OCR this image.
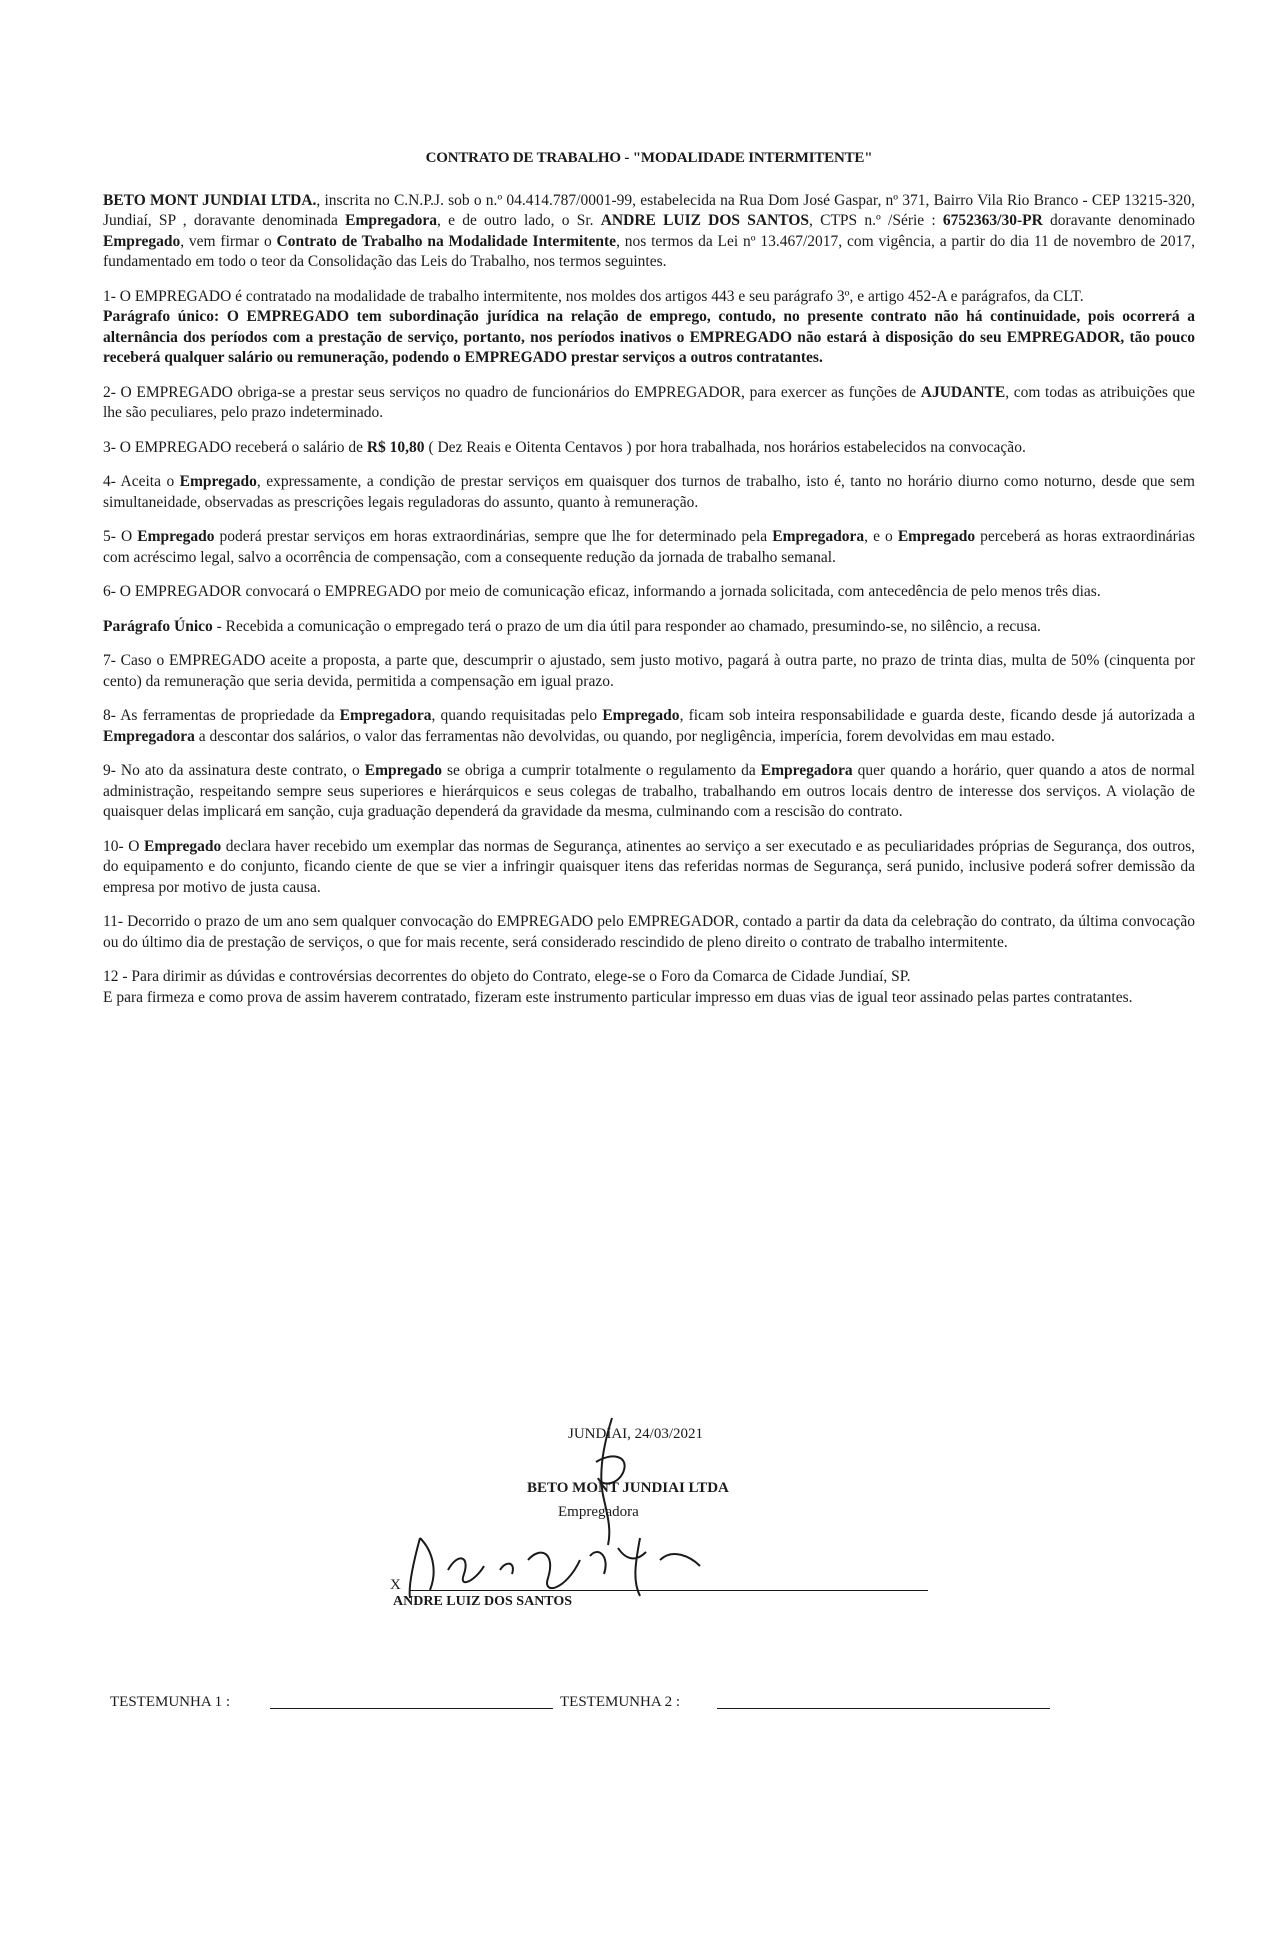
CONTRATO DE TRABALHO - "MODALIDADE INTERMITENTE"

BETO MONT JUNDIAI LTDA., inscrita no C.N.P.J. sob o n.º 04.414.787/0001-99, estabelecida na Rua Dom José Gaspar, nº 371, Bairro Vila Rio Branco - CEP 13215-320, Jundiaí, SP , doravante denominada Empregadora, e de outro lado, o Sr. ANDRE LUIZ DOS SANTOS, CTPS n.º /Série : 6752363/30-PR doravante denominado Empregado, vem firmar o Contrato de Trabalho na Modalidade Intermitente, nos termos da Lei nº 13.467/2017, com vigência, a partir do dia 11 de novembro de 2017, fundamentado em todo o teor da Consolidação das Leis do Trabalho, nos termos seguintes.

1- O EMPREGADO é contratado na modalidade de trabalho intermitente, nos moldes dos artigos 443 e seu parágrafo 3º, e artigo 452-A e parágrafos, da CLT.

Parágrafo único: O EMPREGADO tem subordinação jurídica na relação de emprego, contudo, no presente contrato não há continuidade, pois ocorrerá a alternância dos períodos com a prestação de serviço, portanto, nos períodos inativos o EMPREGADO não estará à disposição do seu EMPREGADOR, tão pouco receberá qualquer salário ou remuneração, podendo o EMPREGADO prestar serviços a outros contratantes.

2- O EMPREGADO obriga-se a prestar seus serviços no quadro de funcionários do EMPREGADOR, para exercer as funções de AJUDANTE, com todas as atribuições que lhe são peculiares, pelo prazo indeterminado.

3- O EMPREGADO receberá o salário de R$ 10,80 ( Dez Reais e Oitenta Centavos ) por hora trabalhada, nos horários estabelecidos na convocação.

4- Aceita o Empregado, expressamente, a condição de prestar serviços em quaisquer dos turnos de trabalho, isto é, tanto no horário diurno como noturno, desde que sem simultaneidade, observadas as prescrições legais reguladoras do assunto, quanto à remuneração.

5- O Empregado poderá prestar serviços em horas extraordinárias, sempre que lhe for determinado pela Empregadora, e o Empregado perceberá as horas extraordinárias com acréscimo legal, salvo a ocorrência de compensação, com a consequente redução da jornada de trabalho semanal.

6- O EMPREGADOR convocará o EMPREGADO por meio de comunicação eficaz, informando a jornada solicitada, com antecedência de pelo menos três dias.

Parágrafo Único - Recebida a comunicação o empregado terá o prazo de um dia útil para responder ao chamado, presumindo-se, no silêncio, a recusa.

7- Caso o EMPREGADO aceite a proposta, a parte que, descumprir o ajustado, sem justo motivo, pagará à outra parte, no prazo de trinta dias, multa de 50% (cinquenta por cento) da remuneração que seria devida, permitida a compensação em igual prazo.

8- As ferramentas de propriedade da Empregadora, quando requisitadas pelo Empregado, ficam sob inteira responsabilidade e guarda deste, ficando desde já autorizada a Empregadora a descontar dos salários, o valor das ferramentas não devolvidas, ou quando, por negligência, imperícia, forem devolvidas em mau estado.

9- No ato da assinatura deste contrato, o Empregado se obriga a cumprir totalmente o regulamento da Empregadora quer quando a horário, quer quando a atos de normal administração, respeitando sempre seus superiores e hierárquicos e seus colegas de trabalho, trabalhando em outros locais dentro de interesse dos serviços. A violação de quaisquer delas implicará em sanção, cuja graduação dependerá da gravidade da mesma, culminando com a rescisão do contrato.

10- O Empregado declara haver recebido um exemplar das normas de Segurança, atinentes ao serviço a ser executado e as peculiaridades próprias de Segurança, dos outros, do equipamento e do conjunto, ficando ciente de que se vier a infringir quaisquer itens das referidas normas de Segurança, será punido, inclusive poderá sofrer demissão da empresa por motivo de justa causa.

11- Decorrido o prazo de um ano sem qualquer convocação do EMPREGADO pelo EMPREGADOR, contado a partir da data da celebração do contrato, da última convocação ou do último dia de prestação de serviços, o que for mais recente, será considerado rescindido de pleno direito o contrato de trabalho intermitente.

12 - Para dirimir as dúvidas e controvérsias decorrentes do objeto do Contrato, elege-se o Foro da Comarca de Cidade Jundiaí, SP.

E para firmeza e como prova de assim haverem contratado, fizeram este instrumento particular impresso em duas vias de igual teor assinado pelas partes contratantes.

JUNDIAI, 24/03/2021
BETO MONT JUNDIAI LTDA
Empregadora
X
ANDRE LUIZ DOS SANTOS
TESTEMUNHA 1 :	TESTEMUNHA 2 :
